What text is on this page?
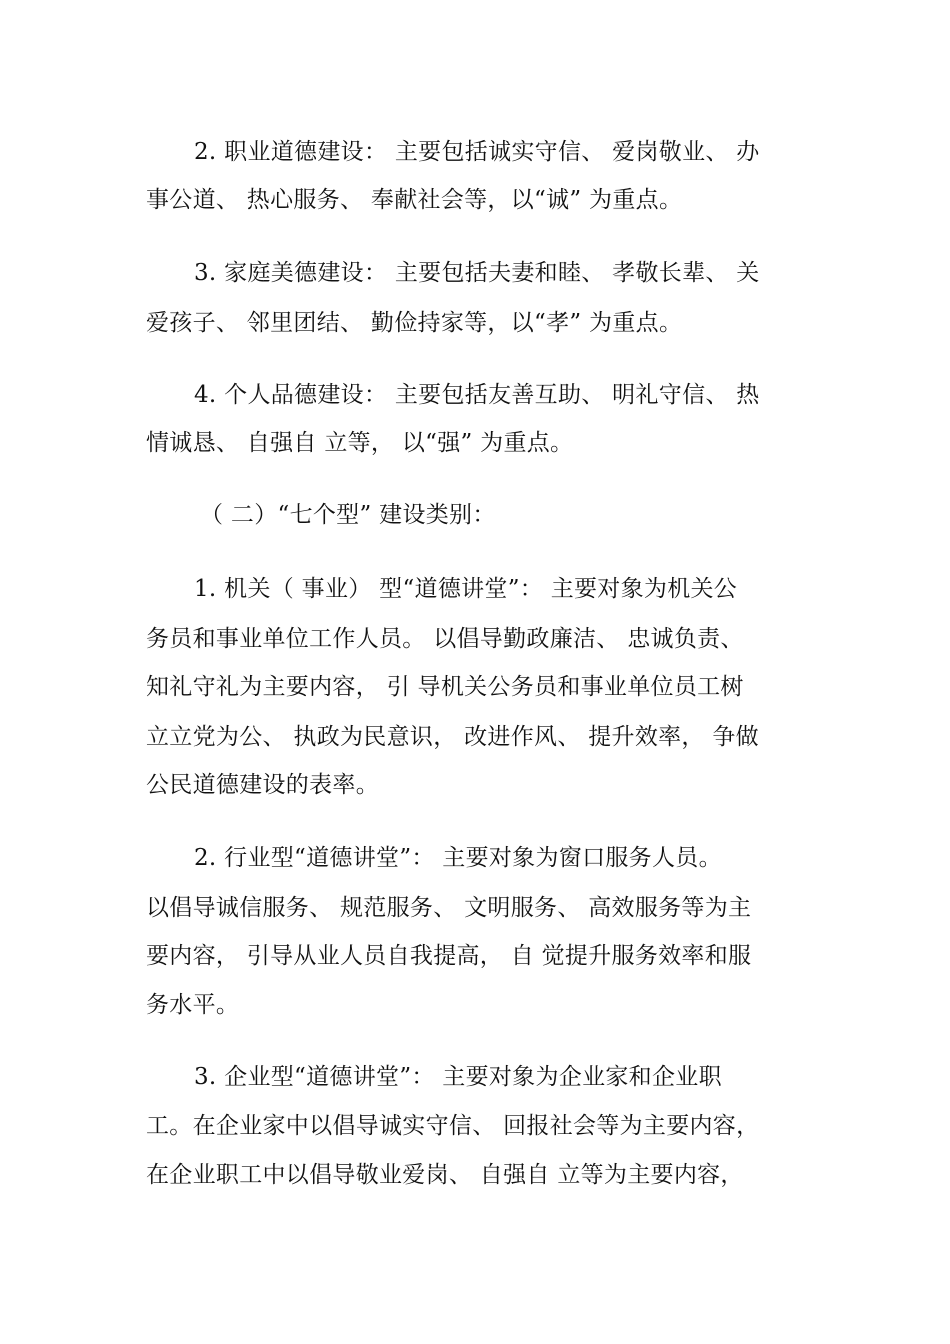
2. 职业道德建设： 主要包括诚实守信、 爱岗敬业、 办
事公道、 热心服务、 奉献社会等，以“诚” 为重点。
3. 家庭美德建设： 主要包括夫妻和睦、 孝敬长辈、 关
爱孩子、 邻里团结、 勤俭持家等，以“孝” 为重点。
4. 个人品德建设： 主要包括友善互助、 明礼守信、 热
情诚恳、 自强自 立等， 以“强” 为重点。
（ 二）“七个型” 建设类别：
1. 机关（ 事业） 型“道德讲堂”： 主要对象为机关公
务员和事业单位工作人员。 以倡导勤政廉洁、 忠诚负责、
知礼守礼为主要内容， 引 导机关公务员和事业单位员工树
立立党为公、 执政为民意识， 改进作风、 提升效率， 争做
公民道德建设的表率。
2. 行业型“道德讲堂”： 主要对象为窗口服务人员。
以倡导诚信服务、 规范服务、 文明服务、 高效服务等为主
要内容， 引导从业人员自我提高， 自 觉提升服务效率和服
务水平。
3. 企业型“道德讲堂”： 主要对象为企业家和企业职
工。在企业家中以倡导诚实守信、 回报社会等为主要内容，
在企业职工中以倡导敬业爱岗、 自强自 立等为主要内容，
